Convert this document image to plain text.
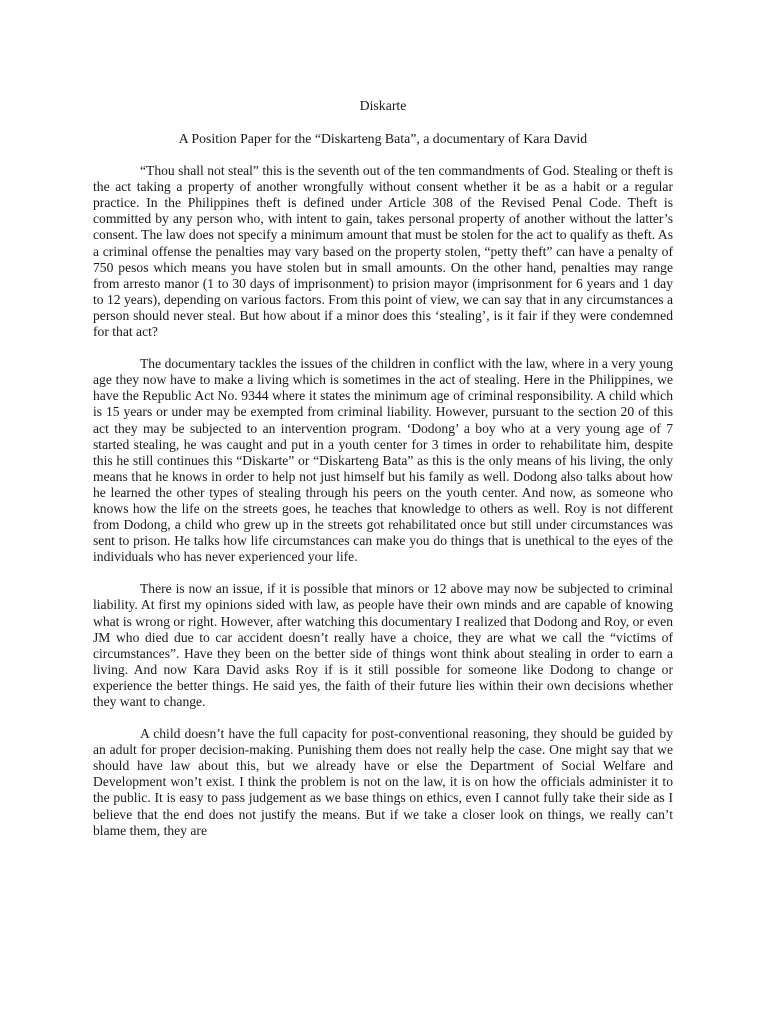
Diskarte

A Position Paper for the “Diskarteng Bata”, a documentary of Kara David

“Thou shall not steal” this is the seventh out of the ten commandments of God. Stealing or theft is the act taking a property of another wrongfully without consent whether it be as a habit or a regular practice. In the Philippines theft is defined under Article 308 of the Revised Penal Code. Theft is committed by any person who, with intent to gain, takes personal property of another without the latter’s consent. The law does not specify a minimum amount that must be stolen for the act to qualify as theft. As a criminal offense the penalties may vary based on the property stolen, “petty theft” can have a penalty of 750 pesos which means you have stolen but in small amounts. On the other hand, penalties may range from arresto manor (1 to 30 days of imprisonment) to prision mayor (imprisonment for 6 years and 1 day to 12 years), depending on various factors. From this point of view, we can say that in any circumstances a person should never steal. But how about if a minor does this ‘stealing’, is it fair if they were condemned for that act?

The documentary tackles the issues of the children in conflict with the law, where in a very young age they now have to make a living which is sometimes in the act of stealing. Here in the Philippines, we have the Republic Act No. 9344 where it states the minimum age of criminal responsibility. A child which is 15 years or under may be exempted from criminal liability. However, pursuant to the section 20 of this act they may be subjected to an intervention program. ‘Dodong’ a boy who at a very young age of 7 started stealing, he was caught and put in a youth center for 3 times in order to rehabilitate him, despite this he still continues this “Diskarte” or “Diskarteng Bata” as this is the only means of his living, the only means that he knows in order to help not just himself but his family as well. Dodong also talks about how he learned the other types of stealing through his peers on the youth center. And now, as someone who knows how the life on the streets goes, he teaches that knowledge to others as well. Roy is not different from Dodong, a child who grew up in the streets got rehabilitated once but still under circumstances was sent to prison. He talks how life circumstances can make you do things that is unethical to the eyes of the individuals who has never experienced your life.

There is now an issue, if it is possible that minors or 12 above may now be subjected to criminal liability. At first my opinions sided with law, as people have their own minds and are capable of knowing what is wrong or right. However, after watching this documentary I realized that Dodong and Roy, or even JM who died due to car accident doesn’t really have a choice, they are what we call the “victims of circumstances”. Have they been on the better side of things wont think about stealing in order to earn a living. And now Kara David asks Roy if is it still possible for someone like Dodong to change or experience the better things. He said yes, the faith of their future lies within their own decisions whether they want to change.

A child doesn’t have the full capacity for post-conventional reasoning, they should be guided by an adult for proper decision-making. Punishing them does not really help the case. One might say that we should have law about this, but we already have or else the Department of Social Welfare and Development won’t exist. I think the problem is not on the law, it is on how the officials administer it to the public. It is easy to pass judgement as we base things on ethics, even I cannot fully take their side as I believe that the end does not justify the means. But if we take a closer look on things, we really can’t blame them, they are
